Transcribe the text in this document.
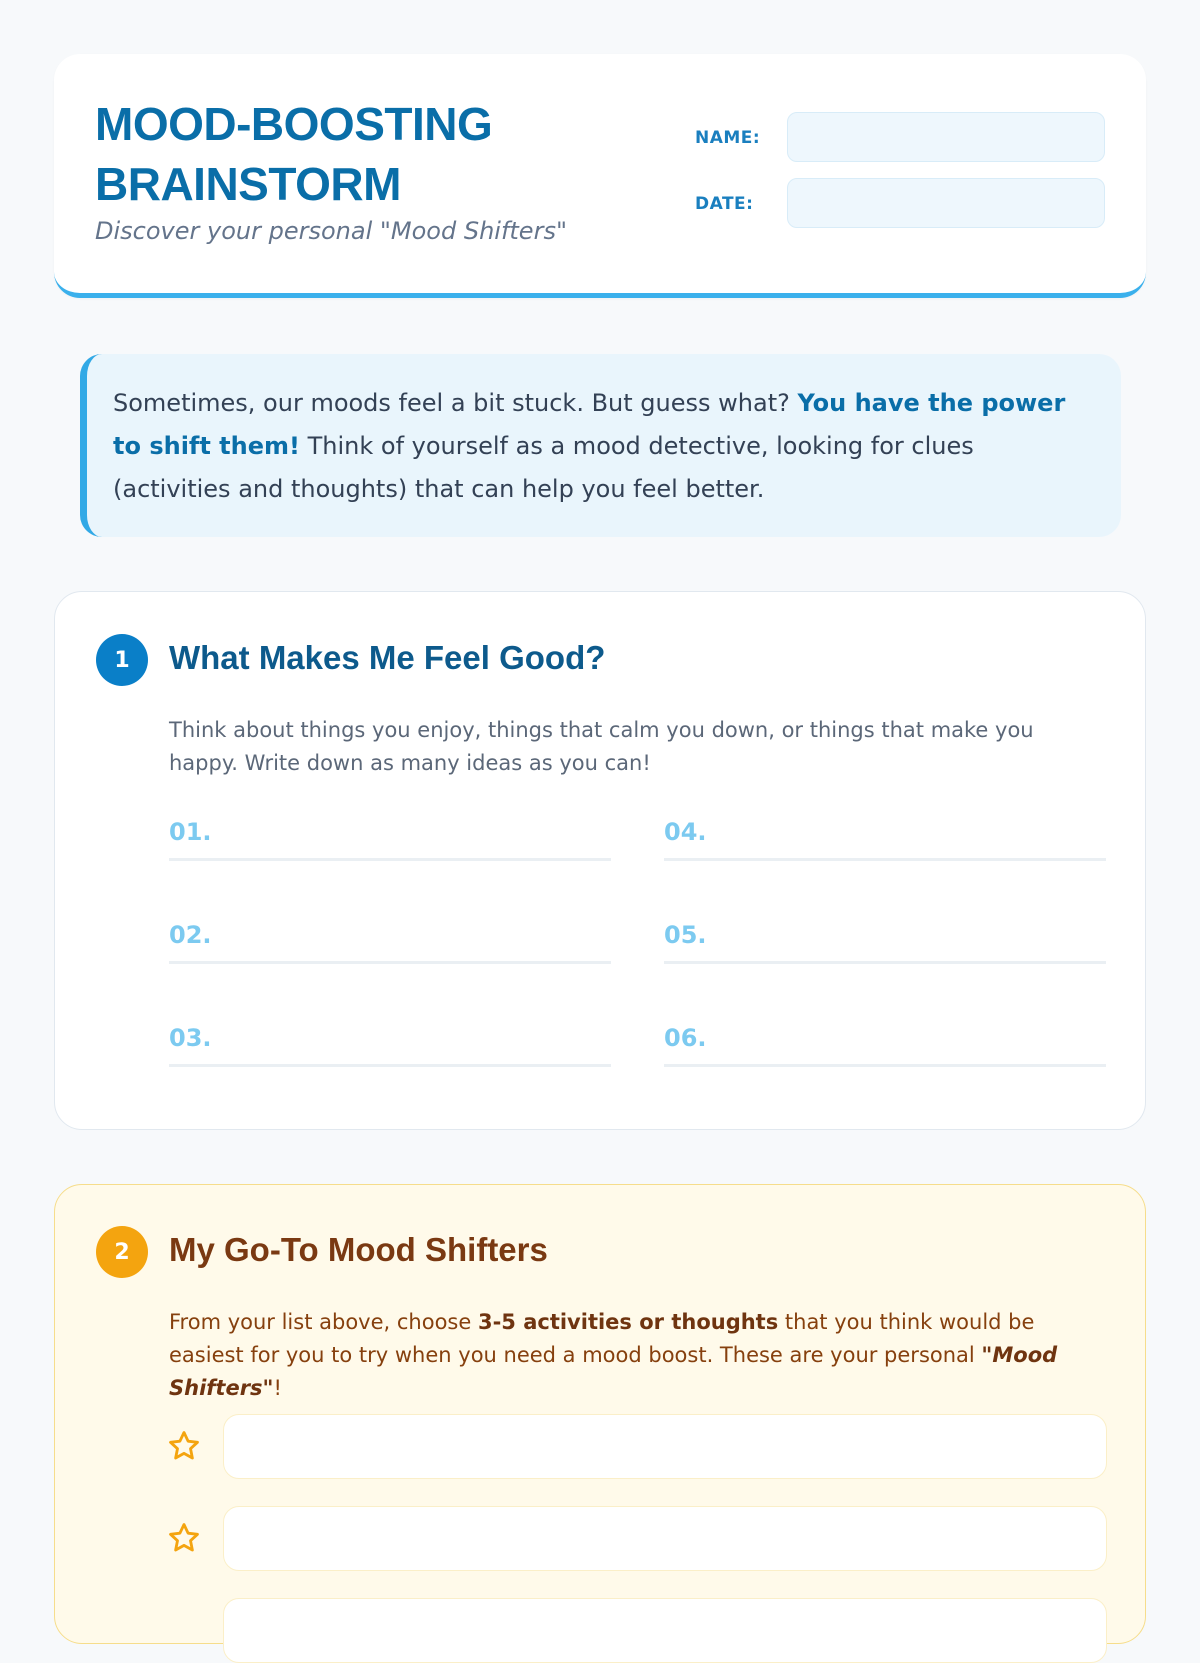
MOOD-BOOSTING
BRAINSTORM

Discover your personal "Mood Shifters"

NAME:
DATE:
Sometimes, our moods feel a bit stuck. But guess what? You have the power to shift them! Think of yourself as a mood detective, looking for clues (activities and thoughts) that can help you feel better.
1	What Makes Me Feel Good?

Think about things you enjoy, things that calm you down, or things that make you happy. Write down as many ideas as you can!

01.
02.
03.
04.
05.
06.
2	My Go-To Mood Shifters

From your list above, choose 3-5 activities or thoughts that you think would be easiest for you to try when you need a mood boost. These are your personal "Mood Shifters"!
